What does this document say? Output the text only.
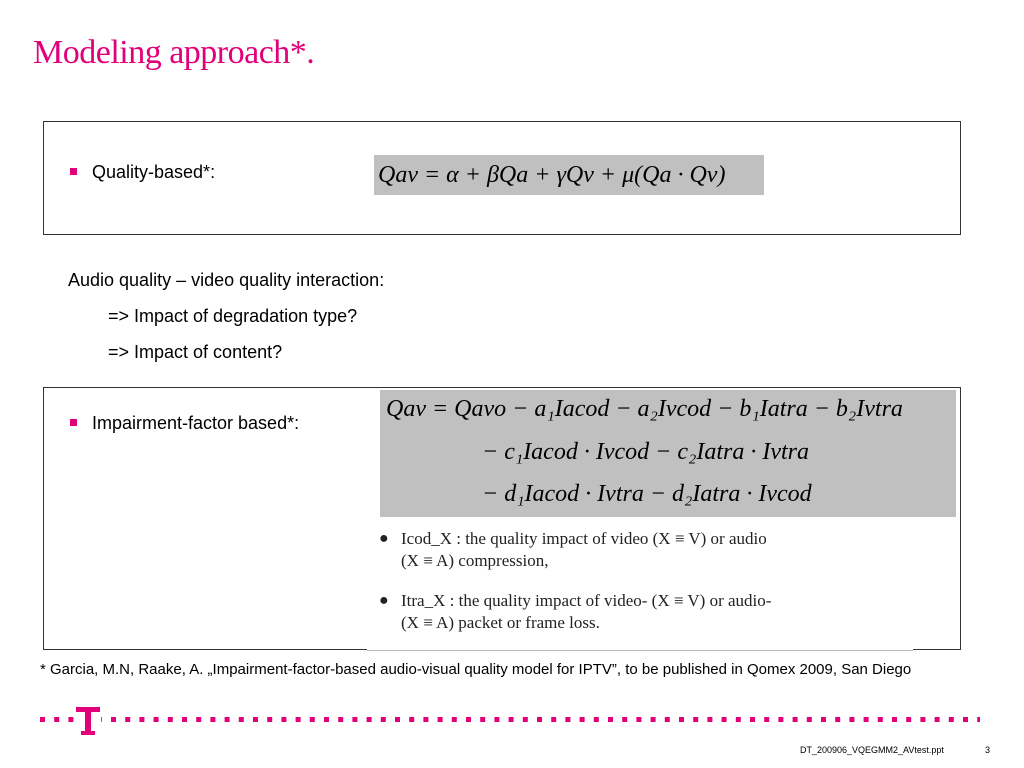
Modeling approach*.
Quality-based*:	Qav = α + βQa + γQv + μ(Qa · Qv)
Audio quality – video quality interaction:
=> Impact of degradation type?
=> Impact of content?
Impairment-factor based*:
Qav = Qavo − a₁Iacod − a₂Ivcod − b₁Iatra − b₂Ivtra
− c₁Iacod · Ivcod − c₂Iatra · Ivtra
− d₁Iacod · Ivtra − d₂Iatra · Ivcod
● Icod_X : the quality impact of video (X ≡ V) or audio
(X ≡ A) compression,
● Itra_X : the quality impact of video- (X ≡ V) or audio-
(X ≡ A) packet or frame loss.
* Garcia, M.N, Raake, A. „Impairment-factor-based audio-visual quality model for IPTV”, to be published in Qomex 2009, San Diego
DT_200906_VQEGMM2_AVtest.ppt	3
